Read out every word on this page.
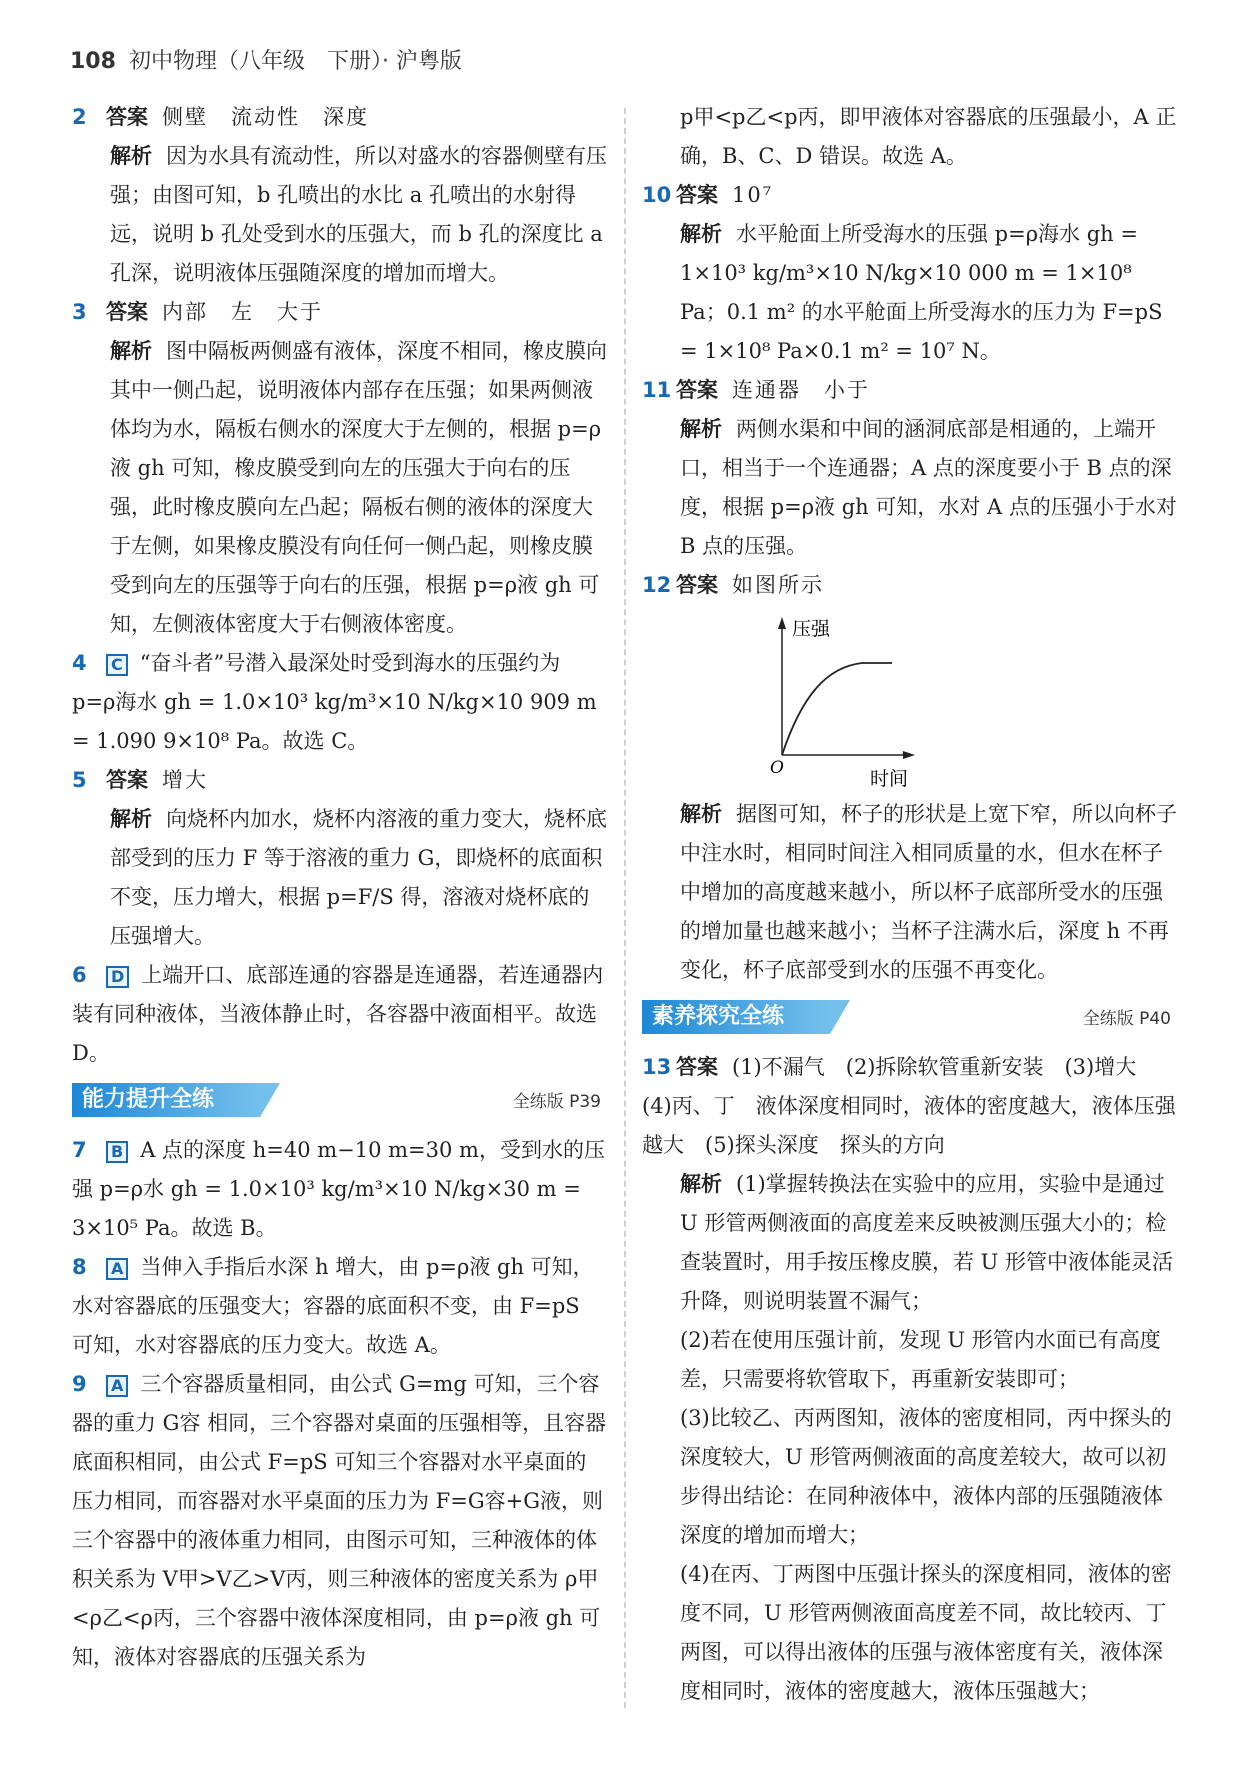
108 初中物理（八年级　下册）· 沪粤版
2 答案 侧壁　流动性　深度
解析 因为水具有流动性，所以对盛水的容器侧壁有压强；由图可知，b 孔喷出的水比 a 孔喷出的水射得远，说明 b 孔处受到水的压强大，而 b 孔的深度比 a 孔深，说明液体压强随深度的增加而增大。
3 答案 内部　左　大于
解析 图中隔板两侧盛有液体，深度不相同，橡皮膜向其中一侧凸起，说明液体内部存在压强；如果两侧液体均为水，隔板右侧水的深度大于左侧的，根据 p=ρ液 gh 可知，橡皮膜受到向左的压强大于向右的压强，此时橡皮膜向左凸起；隔板右侧的液体的深度大于左侧，如果橡皮膜没有向任何一侧凸起，则橡皮膜受到向左的压强等于向右的压强，根据 p=ρ液 gh 可知，左侧液体密度大于右侧液体密度。
4 C “奋斗者”号潜入最深处时受到海水的压强约为 p=ρ海水 gh = 1.0×10³ kg/m³×10 N/kg×10 909 m = 1.090 9×10⁸ Pa。故选 C。
5 答案 增大
解析 向烧杯内加水，烧杯内溶液的重力变大，烧杯底部受到的压力 F 等于溶液的重力 G，即烧杯的底面积不变，压力增大，根据 p=F/S 得，溶液对烧杯底的压强增大。
6 D 上端开口、底部连通的容器是连通器，若连通器内装有同种液体，当液体静止时，各容器中液面相平。故选 D。
能力提升全练	全练版 P39
7 B A 点的深度 h=40 m−10 m=30 m，受到水的压强 p=ρ水 gh = 1.0×10³ kg/m³×10 N/kg×30 m = 3×10⁵ Pa。故选 B。
8 A 当伸入手指后水深 h 增大，由 p=ρ液 gh 可知，水对容器底的压强变大；容器的底面积不变，由 F=pS 可知，水对容器底的压力变大。故选 A。
9 A 三个容器质量相同，由公式 G=mg 可知，三个容器的重力 G容 相同，三个容器对桌面的压强相等，且容器底面积相同，由公式 F=pS 可知三个容器对水平桌面的压力相同，而容器对水平桌面的压力为 F=G容+G液，则三个容器中的液体重力相同，由图示可知，三种液体的体积关系为 V甲>V乙>V丙，则三种液体的密度关系为 ρ甲<ρ乙<ρ丙，三个容器中液体深度相同，由 p=ρ液 gh 可知，液体对容器底的压强关系为
p甲<p乙<p丙，即甲液体对容器底的压强最小，A 正确，B、C、D 错误。故选 A。
10 答案 10⁷
解析 水平舱面上所受海水的压强 p=ρ海水 gh = 1×10³ kg/m³×10 N/kg×10 000 m = 1×10⁸ Pa；0.1 m² 的水平舱面上所受海水的压力为 F=pS = 1×10⁸ Pa×0.1 m² = 10⁷ N。
11 答案 连通器　小于
解析 两侧水渠和中间的涵洞底部是相通的，上端开口，相当于一个连通器；A 点的深度要小于 B 点的深度，根据 p=ρ液 gh 可知，水对 A 点的压强小于水对 B 点的压强。
12 答案 如图所示
压强
时间
O
解析 据图可知，杯子的形状是上宽下窄，所以向杯子中注水时，相同时间注入相同质量的水，但水在杯子中增加的高度越来越小，所以杯子底部所受水的压强的增加量也越来越小；当杯子注满水后，深度 h 不再变化，杯子底部受到水的压强不再变化。
素养探究全练	全练版 P40
13 答案 (1)不漏气　(2)拆除软管重新安装　(3)增大　(4)丙、丁　液体深度相同时，液体的密度越大，液体压强越大　(5)探头深度　探头的方向
解析 (1)掌握转换法在实验中的应用，实验中是通过 U 形管两侧液面的高度差来反映被测压强大小的；检查装置时，用手按压橡皮膜，若 U 形管中液体能灵活升降，则说明装置不漏气；
(2)若在使用压强计前，发现 U 形管内水面已有高度差，只需要将软管取下，再重新安装即可；
(3)比较乙、丙两图知，液体的密度相同，丙中探头的深度较大，U 形管两侧液面的高度差较大，故可以初步得出结论：在同种液体中，液体内部的压强随液体深度的增加而增大；
(4)在丙、丁两图中压强计探头的深度相同，液体的密度不同，U 形管两侧液面高度差不同，故比较丙、丁两图，可以得出液体的压强与液体密度有关，液体深度相同时，液体的密度越大，液体压强越大；
